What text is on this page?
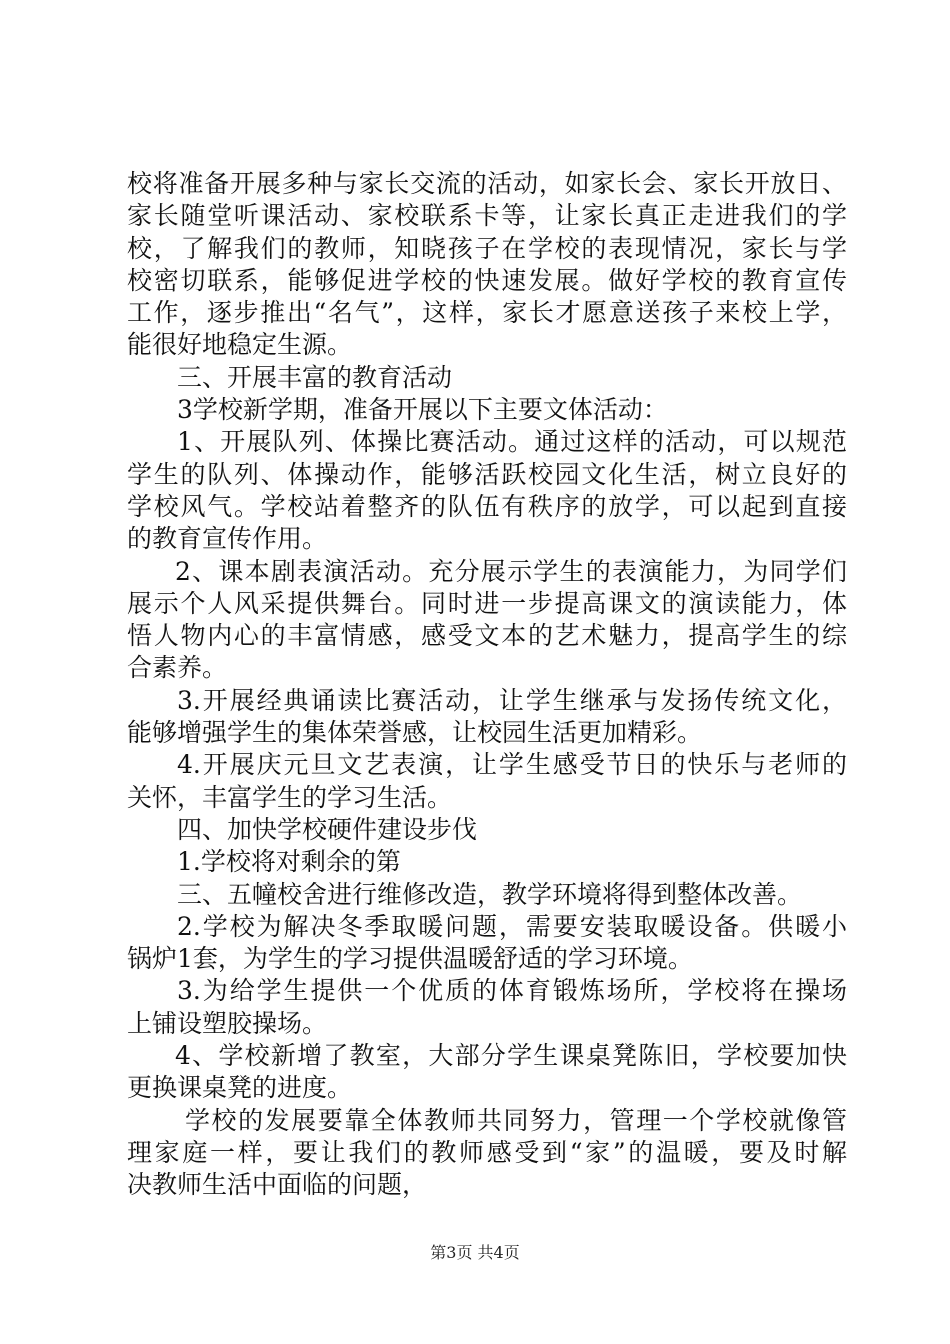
校将准备开展多种与家长交流的活动，如家长会、家长开放日、
家长随堂听课活动、家校联系卡等，让家长真正走进我们的学
校，了解我们的教师，知晓孩子在学校的表现情况，家长与学
校密切联系，能够促进学校的快速发展。做好学校的教育宣传
工作，逐步推出“名气”，这样，家长才愿意送孩子来校上学，
能很好地稳定生源。
三、开展丰富的教育活动
3学校新学期，准备开展以下主要文体活动：
1、开展队列、体操比赛活动。通过这样的活动，可以规范
学生的队列、体操动作，能够活跃校园文化生活，树立良好的
学校风气。学校站着整齐的队伍有秩序的放学，可以起到直接
的教育宣传作用。
2、课本剧表演活动。充分展示学生的表演能力，为同学们
展示个人风采提供舞台。同时进一步提高课文的演读能力，体
悟人物内心的丰富情感，感受文本的艺术魅力，提高学生的综
合素养。
3.开展经典诵读比赛活动，让学生继承与发扬传统文化，
能够增强学生的集体荣誉感，让校园生活更加精彩。
4.开展庆元旦文艺表演，让学生感受节日的快乐与老师的
关怀，丰富学生的学习生活。
四、加快学校硬件建设步伐
1.学校将对剩余的第
三、五幢校舍进行维修改造，教学环境将得到整体改善。
2.学校为解决冬季取暖问题，需要安装取暖设备。供暖小
锅炉1套，为学生的学习提供温暖舒适的学习环境。
3.为给学生提供一个优质的体育锻炼场所，学校将在操场
上铺设塑胶操场。
4、学校新增了教室，大部分学生课桌凳陈旧，学校要加快
更换课桌凳的进度。
学校的发展要靠全体教师共同努力，管理一个学校就像管
理家庭一样，要让我们的教师感受到“家”的温暖，要及时解
决教师生活中面临的问题，
第3页 共4页
